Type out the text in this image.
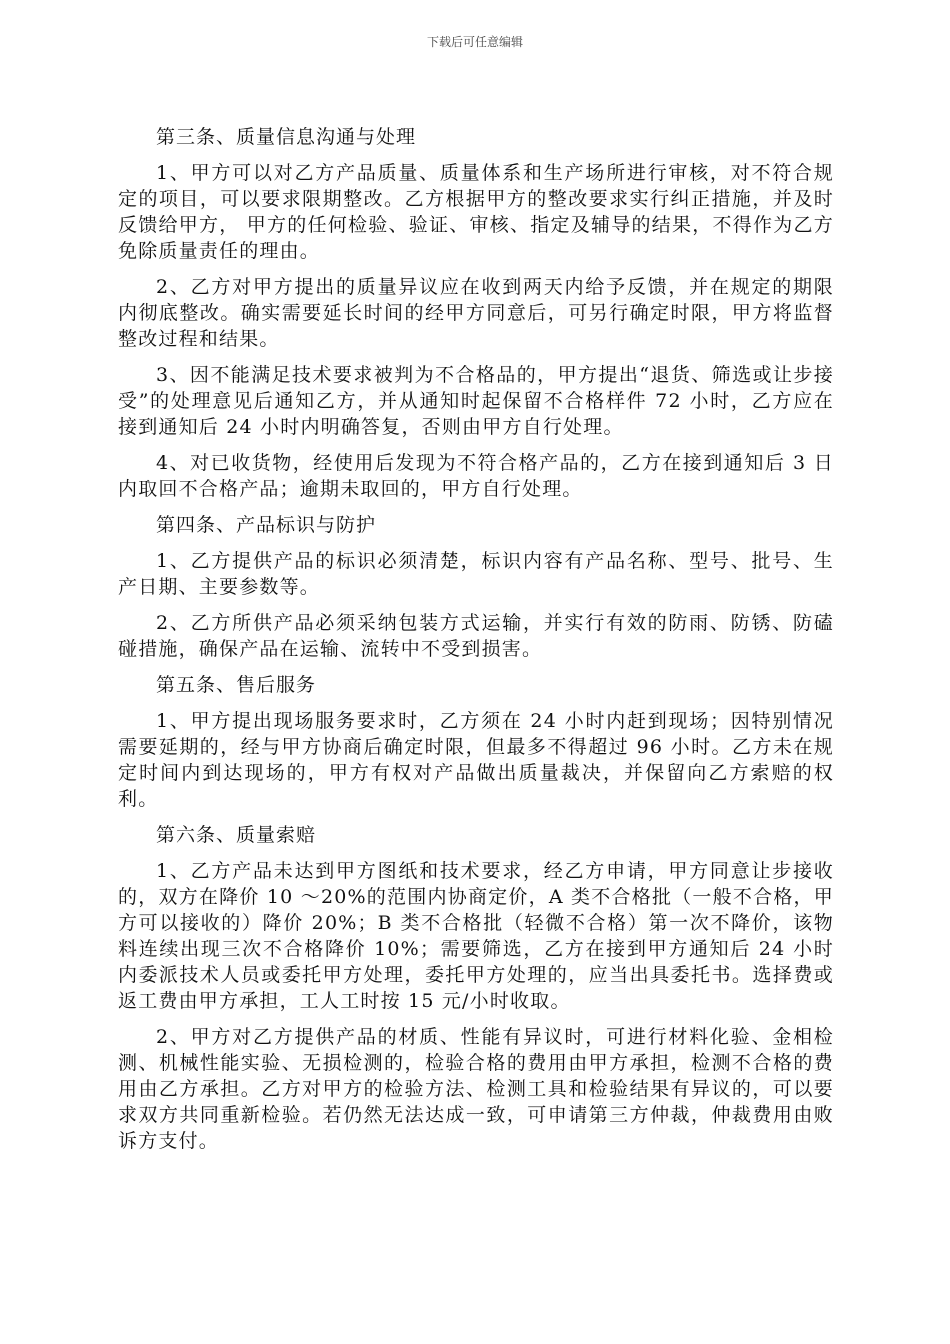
下载后可任意编辑

第三条、质量信息沟通与处理

1、甲方可以对乙方产品质量、质量体系和生产场所进行审核，对不符合规定的项目，可以要求限期整改。乙方根据甲方的整改要求实行纠正措施，并及时反馈给甲方， 甲方的任何检验、验证、审核、指定及辅导的结果，不得作为乙方免除质量责任的理由。

2、乙方对甲方提出的质量异议应在收到两天内给予反馈，并在规定的期限内彻底整改。确实需要延长时间的经甲方同意后，可另行确定时限，甲方将监督整改过程和结果。

3、因不能满足技术要求被判为不合格品的，甲方提出“退货、筛选或让步接受”的处理意见后通知乙方，并从通知时起保留不合格样件 72 小时，乙方应在接到通知后 24 小时内明确答复，否则由甲方自行处理。

4、对已收货物，经使用后发现为不符合格产品的，乙方在接到通知后 3 日内取回不合格产品；逾期未取回的，甲方自行处理。

第四条、产品标识与防护

1、乙方提供产品的标识必须清楚，标识内容有产品名称、型号、批号、生产日期、主要参数等。

2、乙方所供产品必须采纳包装方式运输，并实行有效的防雨、防锈、防磕碰措施，确保产品在运输、流转中不受到损害。

第五条、售后服务

1、甲方提出现场服务要求时，乙方须在 24 小时内赶到现场；因特别情况需要延期的，经与甲方协商后确定时限，但最多不得超过 96 小时。乙方未在规定时间内到达现场的，甲方有权对产品做出质量裁决，并保留向乙方索赔的权利。

第六条、质量索赔

1、乙方产品未达到甲方图纸和技术要求，经乙方申请，甲方同意让步接收的，双方在降价 10 ～20%的范围内协商定价，A 类不合格批（一般不合格，甲方可以接收的）降价 20%；B 类不合格批（轻微不合格）第一次不降价，该物料连续出现三次不合格降价 10%；需要筛选，乙方在接到甲方通知后 24 小时内委派技术人员或委托甲方处理，委托甲方处理的，应当出具委托书。选择费或返工费由甲方承担，工人工时按 15 元/小时收取。

2、甲方对乙方提供产品的材质、性能有异议时，可进行材料化验、金相检测、机械性能实验、无损检测的，检验合格的费用由甲方承担，检测不合格的费用由乙方承担。乙方对甲方的检验方法、检测工具和检验结果有异议的，可以要求双方共同重新检验。若仍然无法达成一致，可申请第三方仲裁，仲裁费用由败诉方支付。
